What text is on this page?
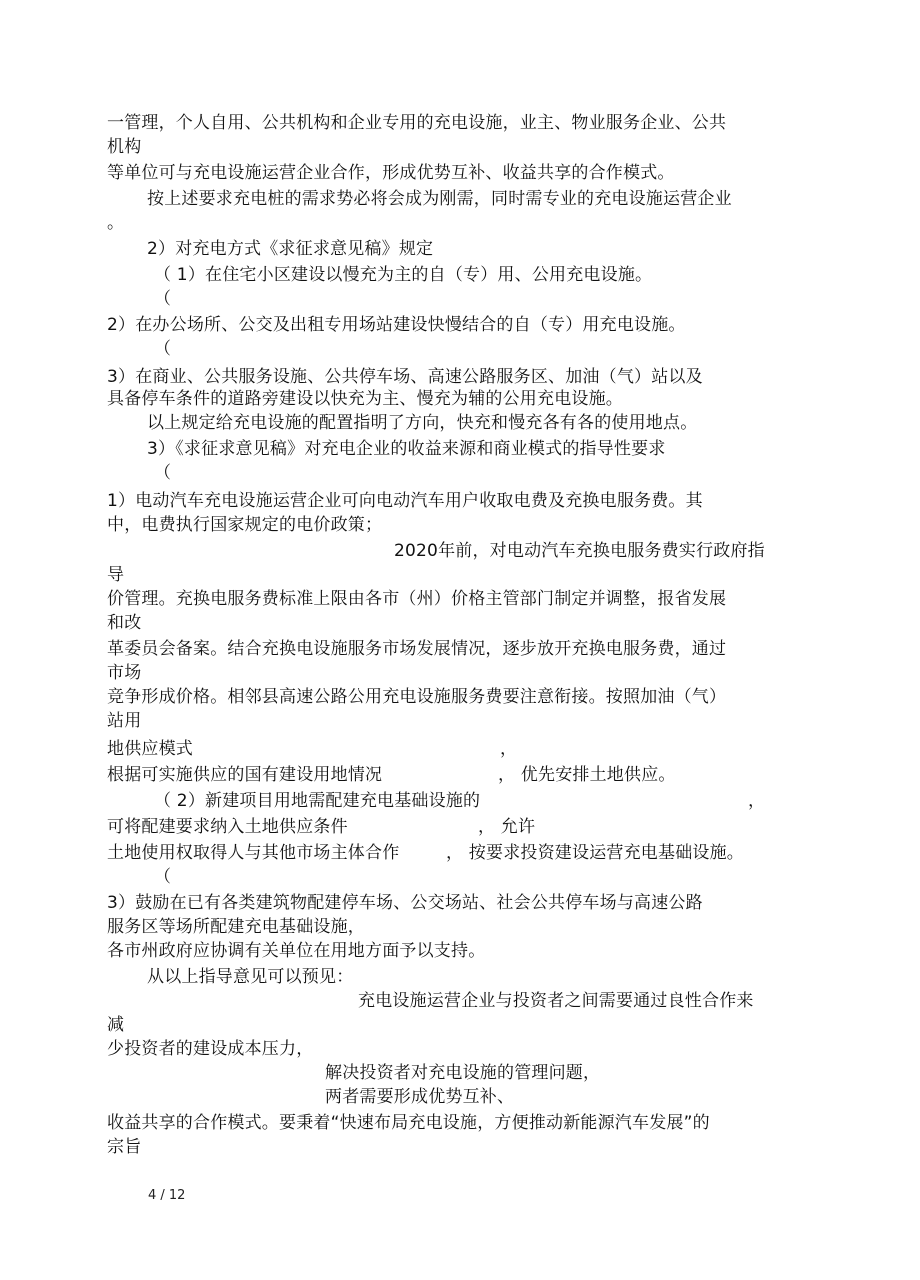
一管理，个人自用、公共机构和企业专用的充电设施，业主、物业服务企业、公共
机构
等单位可与充电设施运营企业合作，形成优势互补、收益共享的合作模式。
按上述要求充电桩的需求势必将会成为刚需，同时需专业的充电设施运营企业
。
2）对充电方式《求征求意见稿》规定
（ 1）在住宅小区建设以慢充为主的自（专）用、公用充电设施。
（
2）在办公场所、公交及出租专用场站建设快慢结合的自（专）用充电设施。
（
3）在商业、公共服务设施、公共停车场、高速公路服务区、加油（气）站以及
具备停车条件的道路旁建设以快充为主、慢充为辅的公用充电设施。
以上规定给充电设施的配置指明了方向，快充和慢充各有各的使用地点。
3）《求征求意见稿》对充电企业的收益来源和商业模式的指导性要求
（
1）电动汽车充电设施运营企业可向电动汽车用户收取电费及充换电服务费。其
中，电费执行国家规定的电价政策；
2020年前，对电动汽车充换电服务费实行政府指
导
价管理。充换电服务费标准上限由各市（州）价格主管部门制定并调整，报省发展
和改
革委员会备案。结合充换电设施服务市场发展情况，逐步放开充换电服务费，通过
市场
竞争形成价格。相邻县高速公路公用充电设施服务费要注意衔接。按照加油（气）
站用
地供应模式	，
根据可实施供应的国有建设用地情况	， 优先安排土地供应。
（ 2）新建项目用地需配建充电基础设施的	，
可将配建要求纳入土地供应条件	， 允许
土地使用权取得人与其他市场主体合作	， 按要求投资建设运营充电基础设施。
（
3）鼓励在已有各类建筑物配建停车场、公交场站、社会公共停车场与高速公路
服务区等场所配建充电基础设施，
各市州政府应协调有关单位在用地方面予以支持。
从以上指导意见可以预见：
充电设施运营企业与投资者之间需要通过良性合作来
减
少投资者的建设成本压力，
解决投资者对充电设施的管理问题，
两者需要形成优势互补、
收益共享的合作模式。要秉着“快速布局充电设施，方便推动新能源汽车发展”的
宗旨
4 / 12
